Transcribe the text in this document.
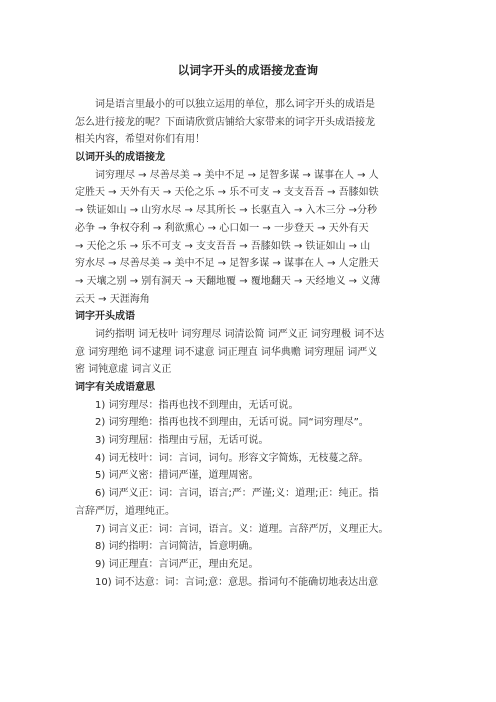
以词字开头的成语接龙查询
词是语言里最小的可以独立运用的单位，那么词字开头的成语是
怎么进行接龙的呢？下面请欣赏店铺给大家带来的词字开头成语接龙
相关内容，希望对你们有用！
以词开头的成语接龙
词穷理尽 → 尽善尽美 → 美中不足 → 足智多谋 → 谋事在人 → 人
定胜天 → 天外有天 → 天伦之乐 → 乐不可支 → 支支吾吾 → 吾膝如铁
→ 铁证如山 → 山穷水尽 → 尽其所长 → 长驱直入 → 入木三分 →分秒
必争 → 争权夺利 → 利欲熏心 → 心口如一 → 一步登天 → 天外有天
→ 天伦之乐 → 乐不可支 → 支支吾吾 → 吾膝如铁 → 铁证如山 → 山
穷水尽 → 尽善尽美 → 美中不足 → 足智多谋 → 谋事在人 → 人定胜天
→ 天壤之别 → 别有洞天 → 天翻地覆 → 覆地翻天 → 天经地义 → 义薄
云天 → 天涯海角
词字开头成语
词约指明 词无枝叶 词穷理尽 词清讼简 词严义正 词穷理极 词不达
意 词穷理绝 词不逮理 词不逮意 词正理直 词华典赡 词穷理屈 词严义
密 词钝意虚 词言义正
词字有关成语意思
1) 词穷理尽：指再也找不到理由，无话可说。
2) 词穷理绝：指再也找不到理由，无话可说。同“词穷理尽”。
3) 词穷理屈：指理由亏屈，无话可说。
4) 词无枝叶：词：言词，词句。形容文字简炼，无枝蔓之辞。
5) 词严义密：措词严谨，道理周密。
6) 词严义正：词：言词，语言;严：严谨;义：道理;正：纯正。指
言辞严厉，道理纯正。
7) 词言义正：词：言词，语言。义：道理。言辞严厉，义理正大。
8) 词约指明：言词简洁，旨意明确。
9) 词正理直：言词严正，理由充足。
10) 词不达意：词：言词;意：意思。指词句不能确切地表达出意
